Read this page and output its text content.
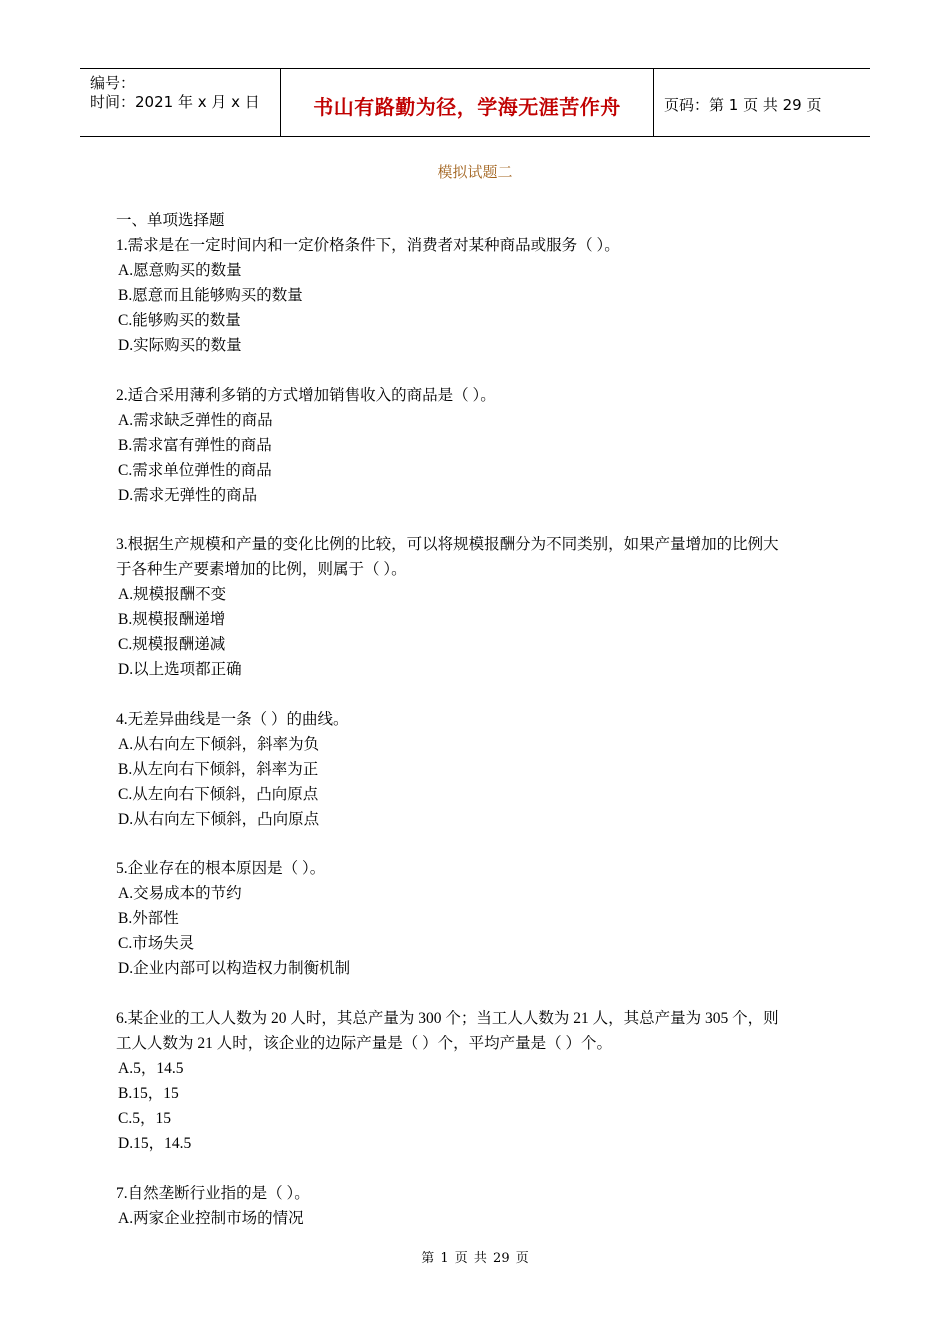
编号：
时间：2021 年 x 月 x 日	书山有路勤为径，学海无涯苦作舟	页码：第 1 页 共 29 页
模拟试题二
一、单项选择题
1.需求是在一定时间内和一定价格条件下，消费者对某种商品或服务（ ）。
A.愿意购买的数量
B.愿意而且能够购买的数量
C.能够购买的数量
D.实际购买的数量
2.适合采用薄利多销的方式增加销售收入的商品是（ ）。
A.需求缺乏弹性的商品
B.需求富有弹性的商品
C.需求单位弹性的商品
D.需求无弹性的商品
3.根据生产规模和产量的变化比例的比较，可以将规模报酬分为不同类别，如果产量增加的比例大
于各种生产要素增加的比例，则属于（ ）。
A.规模报酬不变
B.规模报酬递增
C.规模报酬递减
D.以上选项都正确
4.无差异曲线是一条（ ）的曲线。
A.从右向左下倾斜，斜率为负
B.从左向右下倾斜，斜率为正
C.从左向右下倾斜，凸向原点
D.从右向左下倾斜，凸向原点
5.企业存在的根本原因是（ ）。
A.交易成本的节约
B.外部性
C.市场失灵
D.企业内部可以构造权力制衡机制
6.某企业的工人人数为 20 人时，其总产量为 300 个；当工人人数为 21 人，其总产量为 305 个，则
工人人数为 21 人时，该企业的边际产量是（ ）个，平均产量是（ ）个。
A.5，14.5
B.15，15
C.5，15
D.15，14.5
7.自然垄断行业指的是（ ）。
A.两家企业控制市场的情况
第 1 页 共 29 页
